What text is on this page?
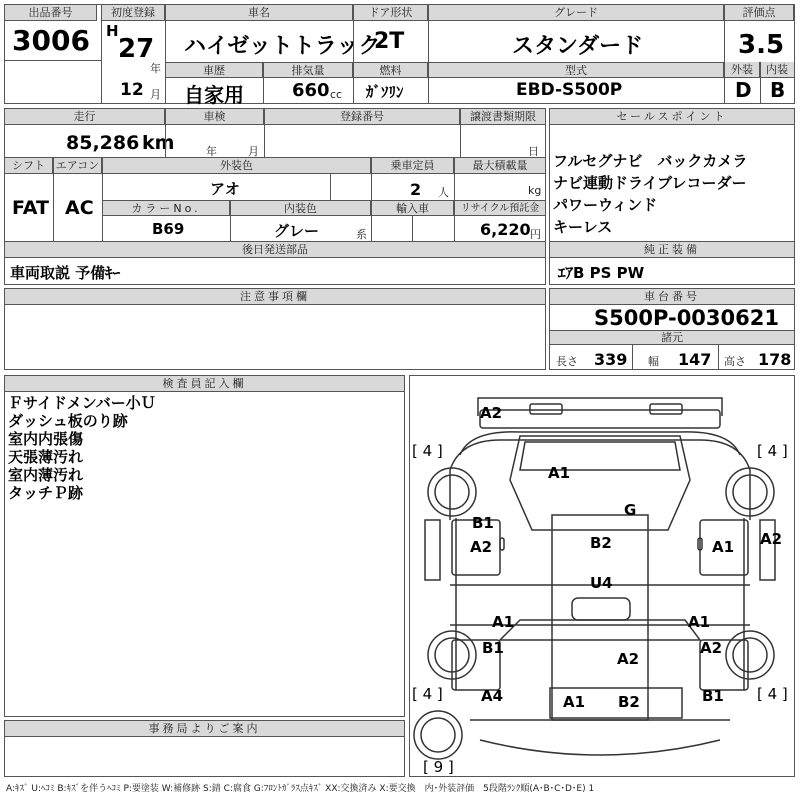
出品番号
3006
初度登録
H
27
年
12 月
車名
ハイゼットトラック
ドア形状
2T
グレード
スタンダード
評価点
3.5
外装	内装
D B
車歴
自家用
排気量
660 cc
燃料
ｶﾞｿﾘﾝ
型式
EBD-S500P
走行
85,286 km
車検
年	月
登録番号	譲渡書類期限
日
シフト
FAT
エアコン
AC
外装色
アオ
乗車定員
2 人
最大積載量
kg
カラーNo.
B69
内装色
グレー	系
輸入車	リサイクル預託金
6,220 円
後日発送部品
車両取説 予備ｷｰ
セールスポイント
フルセグナビ　バックカメラ
ナビ連動ドライブレコーダー
パワーウィンド
キーレス
純正装備
ｴｱB PS PW
注意事項欄	車台番号
S500P-0030621
諸元
長さ 339 幅 147 高さ 178
検査員記入欄
Ｆサイドメンバー小Ｕ
ダッシュ板のり跡
室内内張傷
天張薄汚れ
室内薄汚れ
タッチＰ跡
事務局よりご案内
A2
A1
G
B1
A2	B2	A1 A2
U4
A1	A1
B1
A2
A2
A4	A1 B2	B1
[ 4 ]	[ 4 ]
[ 4 ]	[ 4 ]
[ 9 ]
A:ｷｽﾞ U:ﾍｺﾐ B:ｷｽﾞを伴うﾍｺﾐ P:要塗装 W:補修跡 S:錆 C:腐食 G:ﾌﾛﾝﾄｶﾞﾗｽ点ｷｽﾞ XX:交換済み X:要交換　内･外装評価　5段階ﾗﾝｸ順(A･B･C･D･E) 1
